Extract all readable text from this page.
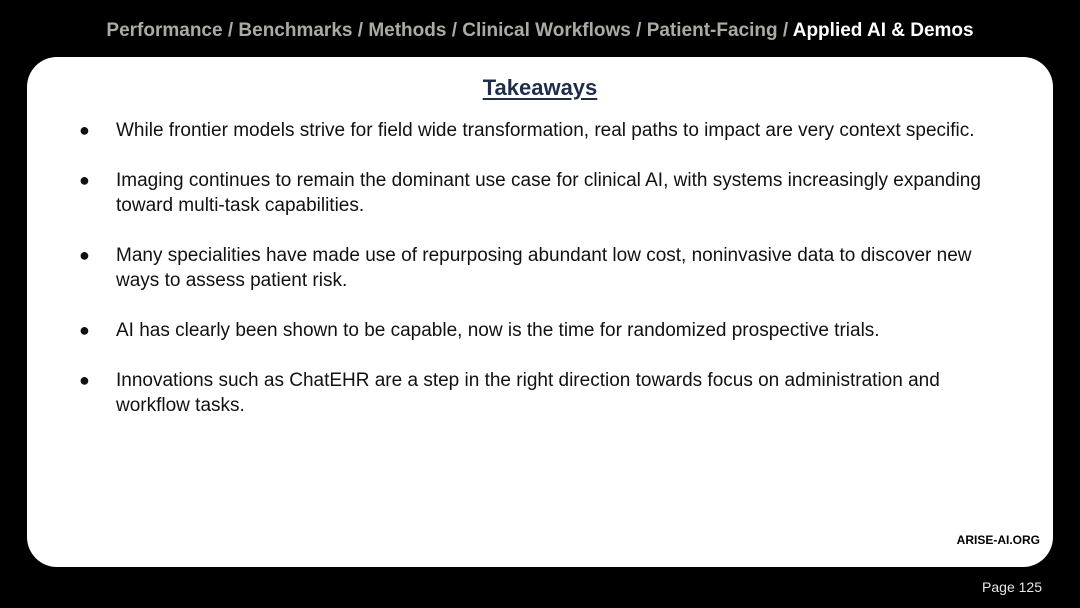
Performance / Benchmarks / Methods / Clinical Workflows / Patient-Facing / Applied AI & Demos
Takeaways
● While frontier models strive for field wide transformation, real paths to impact are very context specific.
● Imaging continues to remain the dominant use case for clinical AI, with systems increasingly expanding toward multi-task capabilities.
● Many specialities have made use of repurposing abundant low cost, noninvasive data to discover new ways to assess patient risk.
● AI has clearly been shown to be capable, now is the time for randomized prospective trials.
● Innovations such as ChatEHR are a step in the right direction towards focus on administration and workflow tasks.
ARISE-AI.ORG
Page 125
